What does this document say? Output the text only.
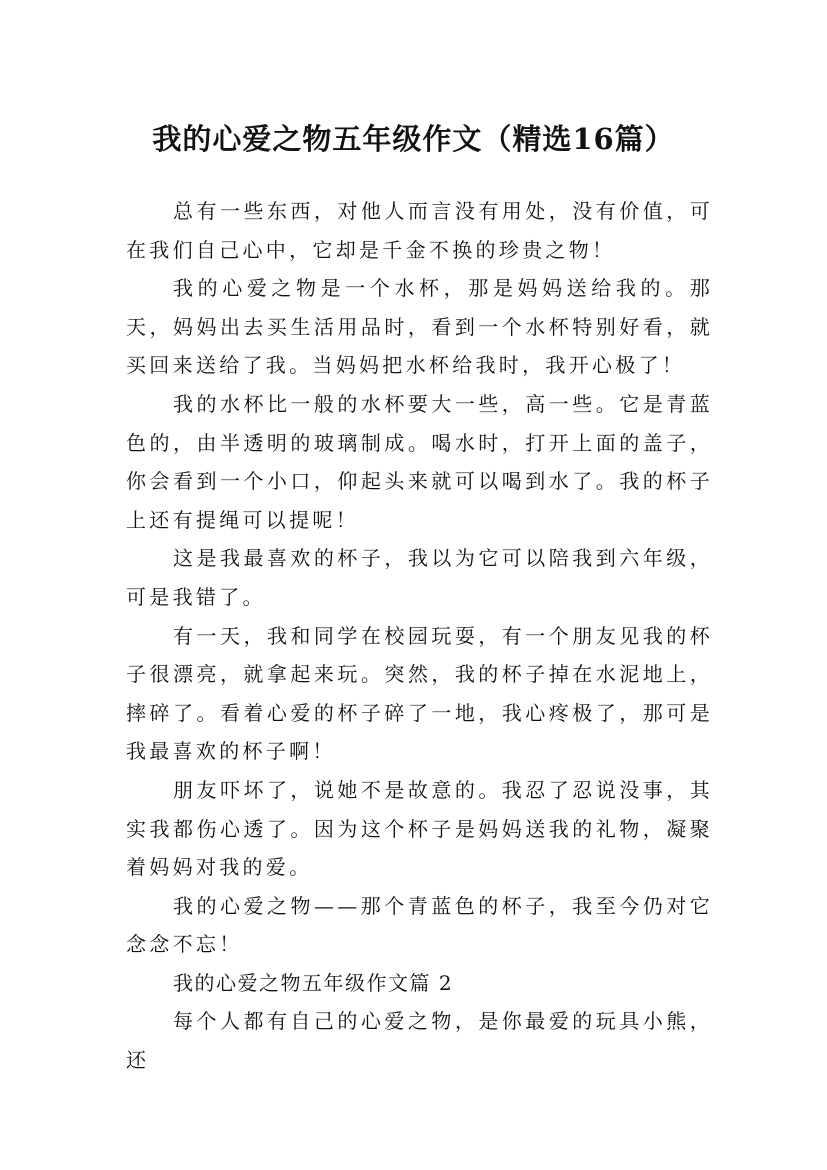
我的心爱之物五年级作文（精选16篇）

总有一些东西，对他人而言没有用处，没有价值，可在我们自己心中，它却是千金不换的珍贵之物！

我的心爱之物是一个水杯，那是妈妈送给我的。那天，妈妈出去买生活用品时，看到一个水杯特别好看，就买回来送给了我。当妈妈把水杯给我时，我开心极了！

我的水杯比一般的水杯要大一些，高一些。它是青蓝色的，由半透明的玻璃制成。喝水时，打开上面的盖子，你会看到一个小口，仰起头来就可以喝到水了。我的杯子上还有提绳可以提呢！

这是我最喜欢的杯子，我以为它可以陪我到六年级，可是我错了。

有一天，我和同学在校园玩耍，有一个朋友见我的杯子很漂亮，就拿起来玩。突然，我的杯子掉在水泥地上，摔碎了。看着心爱的杯子碎了一地，我心疼极了，那可是我最喜欢的杯子啊！

朋友吓坏了，说她不是故意的。我忍了忍说没事，其实我都伤心透了。因为这个杯子是妈妈送我的礼物，凝聚着妈妈对我的爱。

我的心爱之物——那个青蓝色的杯子，我至今仍对它念念不忘！

我的心爱之物五年级作文篇 2

每个人都有自己的心爱之物，是你最爱的玩具小熊，还
